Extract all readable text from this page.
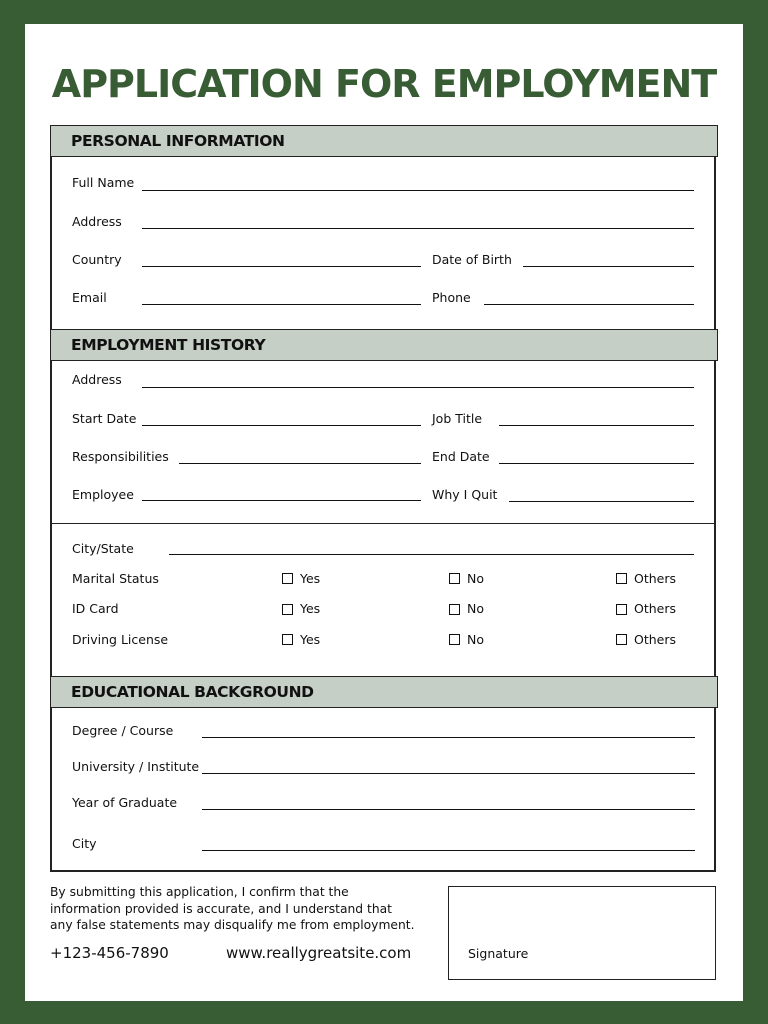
APPLICATION FOR EMPLOYMENT
PERSONAL INFORMATION
Full Name
Address
Country	Date of Birth
Email	Phone
EMPLOYMENT HISTORY
Address
Start Date	Job Title
Responsibilities	End Date
Employee	Why I Quit
City/State
Marital Status	Yes	No	Others
ID Card	Yes	No	Others
Driving License	Yes	No	Others
EDUCATIONAL BACKGROUND
Degree / Course
University / Institute
Year of Graduate
City
By submitting this application, I confirm that the
information provided is accurate, and I understand that
any false statements may disqualify me from employment.
+123-456-7890	www.reallygreatsite.com	Signature
